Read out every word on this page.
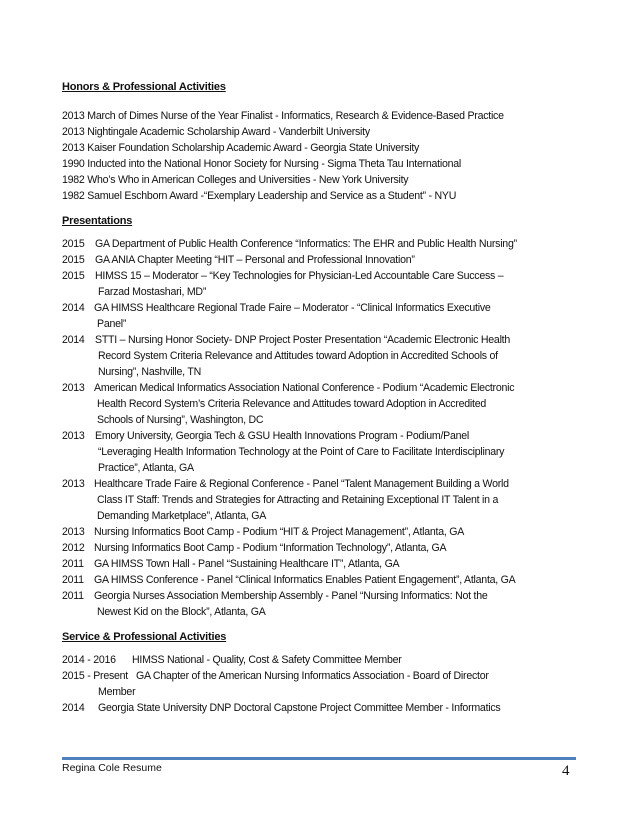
Honors & Professional Activities
2013 March of Dimes Nurse of the Year Finalist - Informatics, Research & Evidence-Based Practice
2013 Nightingale Academic Scholarship Award - Vanderbilt University
2013 Kaiser Foundation Scholarship Academic Award - Georgia State University
1990 Inducted into the National Honor Society for Nursing - Sigma Theta Tau International
1982 Who’s Who in American Colleges and Universities - New York University
1982 Samuel Eschborn Award -“Exemplary Leadership and Service as a Student” - NYU
Presentations
2015 GA Department of Public Health Conference “Informatics: The EHR and Public Health Nursing”
2015 GA ANIA Chapter Meeting “HIT – Personal and Professional Innovation”
2015 HIMSS 15 – Moderator – “Key Technologies for Physician-Led Accountable Care Success –
Farzad Mostashari, MD”
2014 GA HIMSS Healthcare Regional Trade Faire – Moderator - “Clinical Informatics Executive
Panel”
2014 STTI – Nursing Honor Society- DNP Project Poster Presentation “Academic Electronic Health
Record System Criteria Relevance and Attitudes toward Adoption in Accredited Schools of
Nursing”, Nashville, TN
2013 American Medical Informatics Association National Conference - Podium “Academic Electronic
Health Record System’s Criteria Relevance and Attitudes toward Adoption in Accredited
Schools of Nursing”, Washington, DC
2013 Emory University, Georgia Tech & GSU Health Innovations Program - Podium/Panel
“Leveraging Health Information Technology at the Point of Care to Facilitate Interdisciplinary
Practice”, Atlanta, GA
2013 Healthcare Trade Faire & Regional Conference - Panel “Talent Management Building a World
Class IT Staff: Trends and Strategies for Attracting and Retaining Exceptional IT Talent in a
Demanding Marketplace”, Atlanta, GA
2013 Nursing Informatics Boot Camp - Podium “HIT & Project Management”, Atlanta, GA
2012 Nursing Informatics Boot Camp - Podium “Information Technology”, Atlanta, GA
2011 GA HIMSS Town Hall - Panel “Sustaining Healthcare IT”, Atlanta, GA
2011 GA HIMSS Conference - Panel “Clinical Informatics Enables Patient Engagement”, Atlanta, GA
2011 Georgia Nurses Association Membership Assembly - Panel “Nursing Informatics: Not the
Newest Kid on the Block”, Atlanta, GA
Service & Professional Activities
2014 - 2016	HIMSS National - Quality, Cost & Safety Committee Member
2015 - Present GA Chapter of the American Nursing Informatics Association - Board of Director
Member
2014	Georgia State University DNP Doctoral Capstone Project Committee Member - Informatics
Regina Cole Resume	4
